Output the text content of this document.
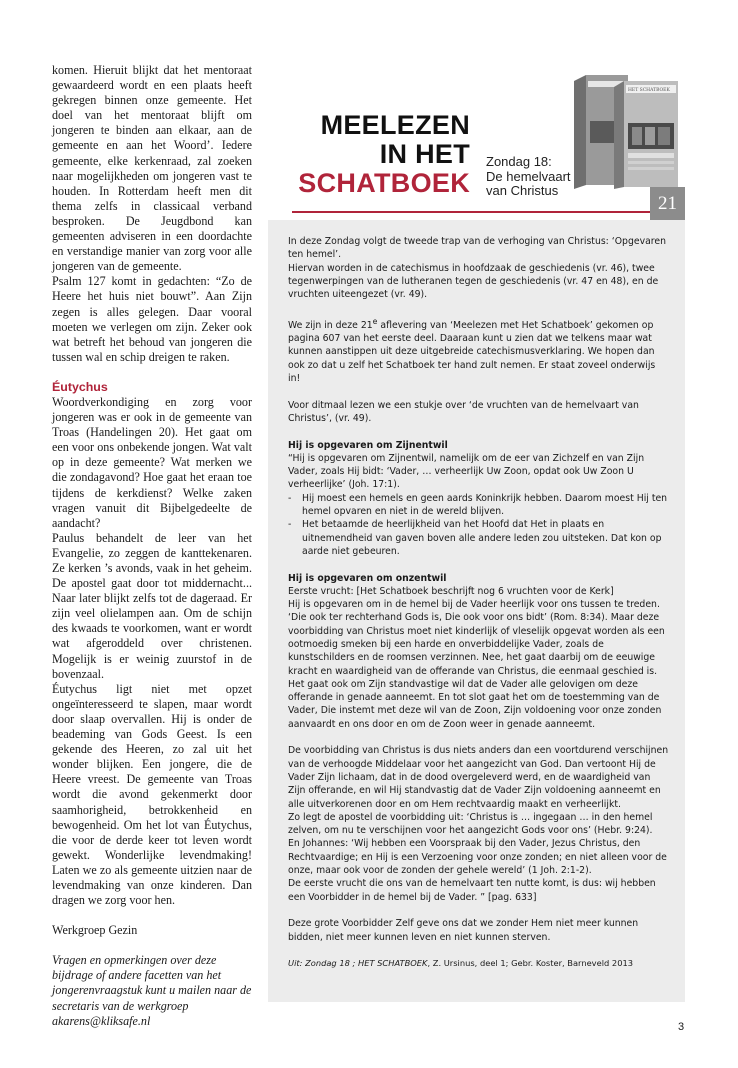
komen. Hieruit blijkt dat het mentoraat gewaardeerd wordt en een plaats heeft gekregen binnen onze gemeente. Het doel van het mentoraat blijft om jongeren te binden aan elkaar, aan de gemeente en aan het Woord’. Iedere gemeente, elke kerkenraad, zal zoeken naar mogelijkheden om jongeren vast te houden. In Rotterdam heeft men dit thema zelfs in classicaal verband besproken. De Jeugdbond kan gemeenten adviseren in een doordachte en verstandige manier van zorg voor alle jongeren van de gemeente.

Psalm 127 komt in gedachten: “Zo de Heere het huis niet bouwt”. Aan Zijn zegen is alles gelegen. Daar vooral moeten we verlegen om zijn. Zeker ook wat betreft het behoud van jongeren die tussen wal en schip dreigen te raken.

Éutychus

Woordverkondiging en zorg voor jongeren was er ook in de gemeente van Troas (Handelingen 20). Het gaat om een voor ons onbekende jongen. Wat valt op in deze gemeente? Wat merken we die zondagavond? Hoe gaat het eraan toe tijdens de kerkdienst? Welke zaken vragen vanuit dit Bijbelgedeelte de aandacht?

Paulus behandelt de leer van het Evangelie, zo zeggen de kanttekenaren. Ze kerken ’s avonds, vaak in het geheim. De apostel gaat door tot middernacht... Naar later blijkt zelfs tot de dageraad. Er zijn veel olielampen aan. Om de schijn des kwaads te voorkomen, want er wordt wat afgeroddeld over christenen. Mogelijk is er weinig zuurstof in de bovenzaal.

Éutychus ligt niet met opzet ongeïnteresseerd te slapen, maar wordt door slaap overvallen. Hij is onder de beademing van Gods Geest. Is een gekende des Heeren, zo zal uit het wonder blijken. Een jongere, die de Heere vreest. De gemeente van Troas wordt die avond gekenmerkt door saamhorigheid, betrokkenheid en bewogenheid. Om het lot van Éutychus, die voor de derde keer tot leven wordt gewekt. Wonderlijke levendmaking! Laten we zo als gemeente uitzien naar de levendmaking van onze kinderen. Dan dragen we zorg voor hen.

Werkgroep Gezin

Vragen en opmerkingen over deze bijdrage of andere facetten van het jongerenvraagstuk kunt u mailen naar de secretaris van de werkgroep akarens@kliksafe.nl

MEELEZEN
IN HET
SCHATBOEK
Zondag 18:
De hemelvaart
van Christus
HET SCHATBOEK
21

In deze Zondag volgt de tweede trap van de verhoging van Christus: ‘Opgevaren ten hemel’.

Hiervan worden in de catechismus in hoofdzaak de geschiedenis (vr. 46), twee tegenwerpingen van de lutheranen tegen de geschiedenis (vr. 47 en 48), en de vruchten uiteengezet (vr. 49).

We zijn in deze 21e aflevering van ‘Meelezen met Het Schatboek’ gekomen op pagina 607 van het eerste deel. Daaraan kunt u zien dat we telkens maar wat kunnen aanstippen uit deze uitgebreide catechismusverklaring. We hopen dan ook zo dat u zelf het Schatboek ter hand zult nemen. Er staat zoveel onderwijs in!

Voor ditmaal lezen we een stukje over ‘de vruchten van de hemelvaart van Christus’, (vr. 49).

Hij is opgevaren om Zijnentwil

“Hij is opgevaren om Zijnentwil, namelijk om de eer van Zichzelf en van Zijn Vader, zoals Hij bidt: ‘Vader, … verheerlijk Uw Zoon, opdat ook Uw Zoon U verheerlijke’ (Joh. 17:1).

-	Hij moest een hemels en geen aards Koninkrijk hebben. Daarom moest Hij ten hemel opvaren en niet in de wereld blijven.
-	Het betaamde de heerlijkheid van het Hoofd dat Het in plaats en uitnemendheid van gaven boven alle andere leden zou uitsteken. Dat kon op aarde niet gebeuren.

Hij is opgevaren om onzentwil

Eerste vrucht: [Het Schatboek beschrijft nog 6 vruchten voor de Kerk]

Hij is opgevaren om in de hemel bij de Vader heerlijk voor ons tussen te treden. ‘Die ook ter rechterhand Gods is, Die ook voor ons bidt’ (Rom. 8:34). Maar deze voorbidding van Christus moet niet kinderlijk of vleselijk opgevat worden als een ootmoedig smeken bij een harde en onverbiddelijke Vader, zoals de kunstschilders en de roomsen verzinnen. Nee, het gaat daarbij om de eeuwige kracht en waardigheid van de offerande van Christus, die eenmaal geschied is. Het gaat ook om Zijn standvastige wil dat de Vader alle gelovigen om deze offerande in genade aanneemt. En tot slot gaat het om de toestemming van de Vader, Die instemt met deze wil van de Zoon, Zijn voldoening voor onze zonden aanvaardt en ons door en om de Zoon weer in genade aanneemt.

De voorbidding van Christus is dus niets anders dan een voortdurend verschijnen van de verhoogde Middelaar voor het aangezicht van God. Dan vertoont Hij de Vader Zijn lichaam, dat in de dood overgeleverd werd, en de waardigheid van Zijn offerande, en wil Hij standvastig dat de Vader Zijn voldoening aanneemt en alle uitverkorenen door en om Hem rechtvaardig maakt en verheerlijkt.

Zo legt de apostel de voorbidding uit: ‘Christus is … ingegaan … in den hemel zelven, om nu te verschijnen voor het aangezicht Gods voor ons’ (Hebr. 9:24).

En Johannes: ‘Wij hebben een Voorspraak bij den Vader, Jezus Christus, den Rechtvaardige; en Hij is een Verzoening voor onze zonden; en niet alleen voor de onze, maar ook voor de zonden der gehele wereld’ (1 Joh. 2:1-2).

De eerste vrucht die ons van de hemelvaart ten nutte komt, is dus: wij hebben een Voorbidder in de hemel bij de Vader. ” [pag. 633]

Deze grote Voorbidder Zelf geve ons dat we zonder Hem niet meer kunnen bidden, niet meer kunnen leven en niet kunnen sterven.

Uit: Zondag 18 ; HET SCHATBOEK, Z. Ursinus, deel 1; Gebr. Koster, Barneveld 2013

3
